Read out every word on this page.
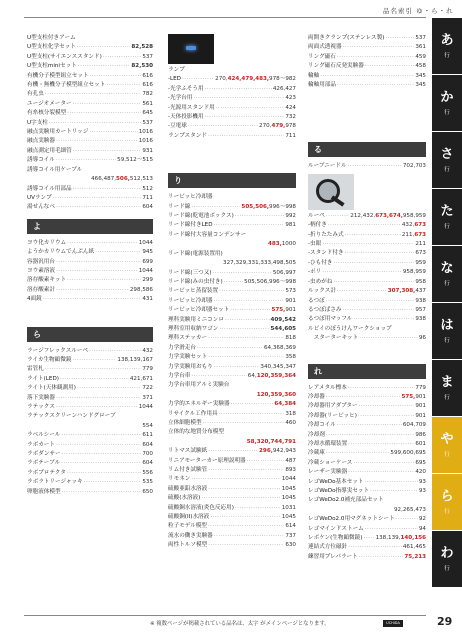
品名索引 ゆ・ら・れ
U型支柱付きアーム
U型支柱化学セット ·····	82,528
U型支柱(サイエンススタンド) ·····	537
U型支柱miniセット ·····	82,530
有機分子模型組立セット ·····	616
有機・無機分子模型組立セット ·····	616
有孔虫 ·····	782
ユージオメーター ·····	561
有糸核分裂模型 ·····	645
U字支柱 ·····	537
融点実験用カートリッジ ·····	1016
融点実験器 ·····	1016
融点測定用毛細管 ·····	931
誘導コイル ·····	59,512〜515
誘導コイル用ケーブル
466,487,506,512,513
誘導コイル用部品 ·····	512
UVランプ ·····	711
湯せんなべ ·····	604
よ
ヨウ化カリウム ·····	1044
ようかカリウムでんぷん紙 ·····	945
容器汎用台 ·····	699
ヨウ素溶液 ·····	1044
溶存酸素キット ·····	299
溶存酸素計 ·····	298,586
4面鏡 ·····	431
ら
ラージフレックスルーペ ·····	432
ライカ生物顕微鏡 ·····	138,139,167
雷管札 ·····	779
ライト(LED) ·····	421,671
ライト(天体観測用) ·····	722
落下実験器 ·····	371
ラテックス ·····	1044
ラテックスクリーンハンドグローブ
554
ラベルシール ·····	611
ラボカート ·····	604
ラボダンサー ·····	700
ラボテーブル ·····	604
ラボプロテクタ ·····	556
ラボラトリージャッキ ·····	535
卵胞液体模型 ·····	650
ランプ
-LED ·····	270,424,479,483,978〜982
-光学ふそう用 ·····	426,427
-光学台用 ·····	423
-光源用スタンド用 ·····	424
-天体投影機用 ·····	732
-豆電球 ·····	270,479,978
ランプスタンド ·····	711
り
リービッヒ冷却器
リード線 ·····	505,506,996〜998
リード線(乾電池ボックス) ·····	992
リード線付きLED ·····	981
リード線付大容量コンデンサー
483,1000
リード線(電源装置用)
327,329,331,333,498,505
リード線(三つ又) ·····	506,997
リード線(みの虫付き) ·····	505,506,996〜998
リービッヒ蒸留装置 ·····	573
リービッヒ冷却器 ·····	901
リービッヒ冷却器セット ·····	575,901
理科実験用ミニコンロ ·····	409,542
理科室用収納ワゴン ·····	544,605
理科ステッカー ·····	818
力学滑走台 ·····	64,368,369
力学実験セット ·····	358
力学実験用おもり ·····	340,345,347
力学台車 ·····	64,120,359,364
力学台車用アルミ実験台
120,359,360
力学的エネルギー実験器 ·····	64,384
リサイクル工作用具 ·····	318
立体細胞模型 ·····	460
立体的な地質分布模型
58,320,744,791
リトマス試験紙 ·····	296,942,943
リニアモーターカー原理説明器 ·····	487
リム付き試験管 ·····	893
リモネン ·····	1044
硫酸亜鉛水溶液 ·····	1045
硫酸(水溶液) ·····	1045
硫酸銅水溶液(炎色反応用) ·····	1031
硫酸銅(II)水溶液 ·····	1045
粒子モデル模型 ·····	614
流水の働き実験器 ·····	737
両性トルソ模型 ·····	630
両開きクランプ(ステンレス製) ·····	537
両面式透視器 ·····	361
リング磁石 ·····	459
リング磁石反発実験器 ·····	458
輪軸 ·····	345
輪軸用部品 ·····	345
る
ルーブニードル ·····	702,703
ルーペ ·····	212,432,673,674,958,959
-柄付き ·····	432,673
-折りたたみ式 ·····	211,673
-虫眼 ·····	211
-スタンド付き ·····	673
-ひも付き ·····	959
-ポリ ·····	958,959
-虫めがね ·····	958
ルックス計 ·····	307,308,437
るつぼ ·····	938
るつぼばさみ ·····	957
るつぼ用マッフル ·····	938
ルビイのぼうけんワークショップ
　スターターキット ·····	96
れ
レアメタル標本 ·····	779
冷却器 ·····	575,901
冷却器用アダプター ·····	901
冷却器(リービッヒ) ·····	901
冷却コイル ·····	604,709
冷却剤 ·····	986
冷却水循環装置 ·····	601
冷蔵庫 ·····	599,600,695
冷蔵ショーケース ·····	695
レーザー実験器 ·····	420
レゴWeDo基本セット ·····	93
レゴWeDo指導実セット ·····	93
レゴWeDo2.0補充部品セット
92,265,473
レゴWeDo2.0用マグネットシート ·····	92
レゴマインドストーム ·····	94
レボケン(生物顕微鏡) ····· 138,139,140,156
連結式方位磁針 ·····	461,465
練習用プレパラート ·····	75,213
あ
行
か
行
さ
行
た
行
な
行
は
行
ま
行
や
行
ら
行
わ
行
※ 複数ページが掲載されている品名は、太字 がメインページとなります。	UCHIDA	29
